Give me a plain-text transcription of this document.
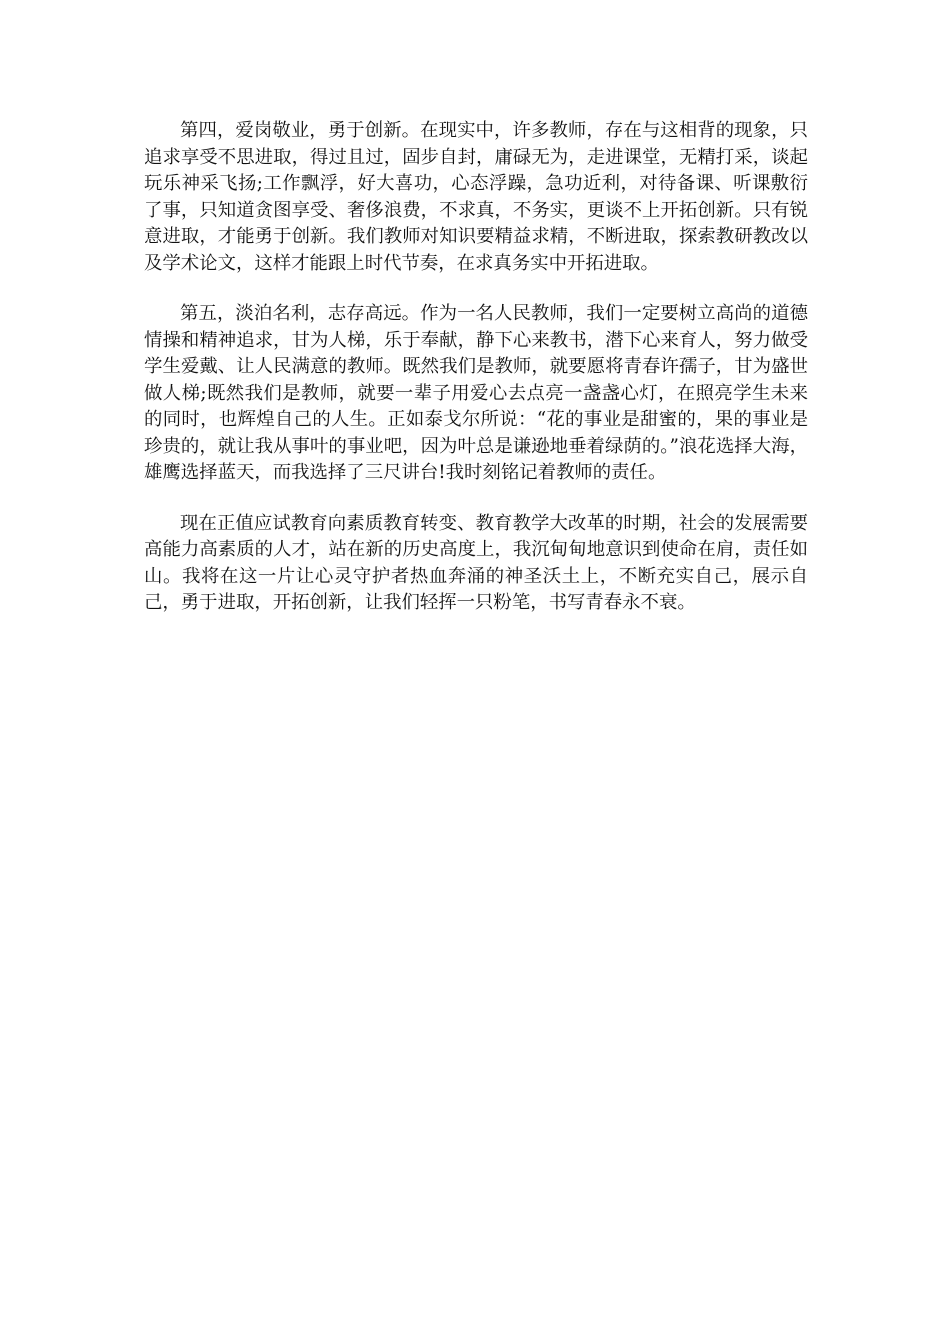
第四，爱岗敬业，勇于创新。在现实中，许多教师，存在与这相背的现象，只追求享受不思进取，得过且过，固步自封，庸碌无为，走进课堂，无精打采，谈起玩乐神采飞扬;工作飘浮，好大喜功，心态浮躁，急功近利，对待备课、听课敷衍了事，只知道贪图享受、奢侈浪费，不求真，不务实，更谈不上开拓创新。只有锐意进取，才能勇于创新。我们教师对知识要精益求精，不断进取，探索教研教改以及学术论文，这样才能跟上时代节奏，在求真务实中开拓进取。

第五，淡泊名利，志存高远。作为一名人民教师，我们一定要树立高尚的道德情操和精神追求，甘为人梯，乐于奉献，静下心来教书，潜下心来育人，努力做受学生爱戴、让人民满意的教师。既然我们是教师，就要愿将青春许孺子，甘为盛世做人梯;既然我们是教师，就要一辈子用爱心去点亮一盏盏心灯，在照亮学生未来的同时，也辉煌自己的人生。正如泰戈尔所说：“花的事业是甜蜜的，果的事业是珍贵的，就让我从事叶的事业吧，因为叶总是谦逊地垂着绿荫的。”浪花选择大海，雄鹰选择蓝天，而我选择了三尺讲台!我时刻铭记着教师的责任。

现在正值应试教育向素质教育转变、教育教学大改革的时期，社会的发展需要高能力高素质的人才，站在新的历史高度上，我沉甸甸地意识到使命在肩，责任如山。我将在这一片让心灵守护者热血奔涌的神圣沃土上，不断充实自己，展示自己，勇于进取，开拓创新，让我们轻挥一只粉笔，书写青春永不衰。
